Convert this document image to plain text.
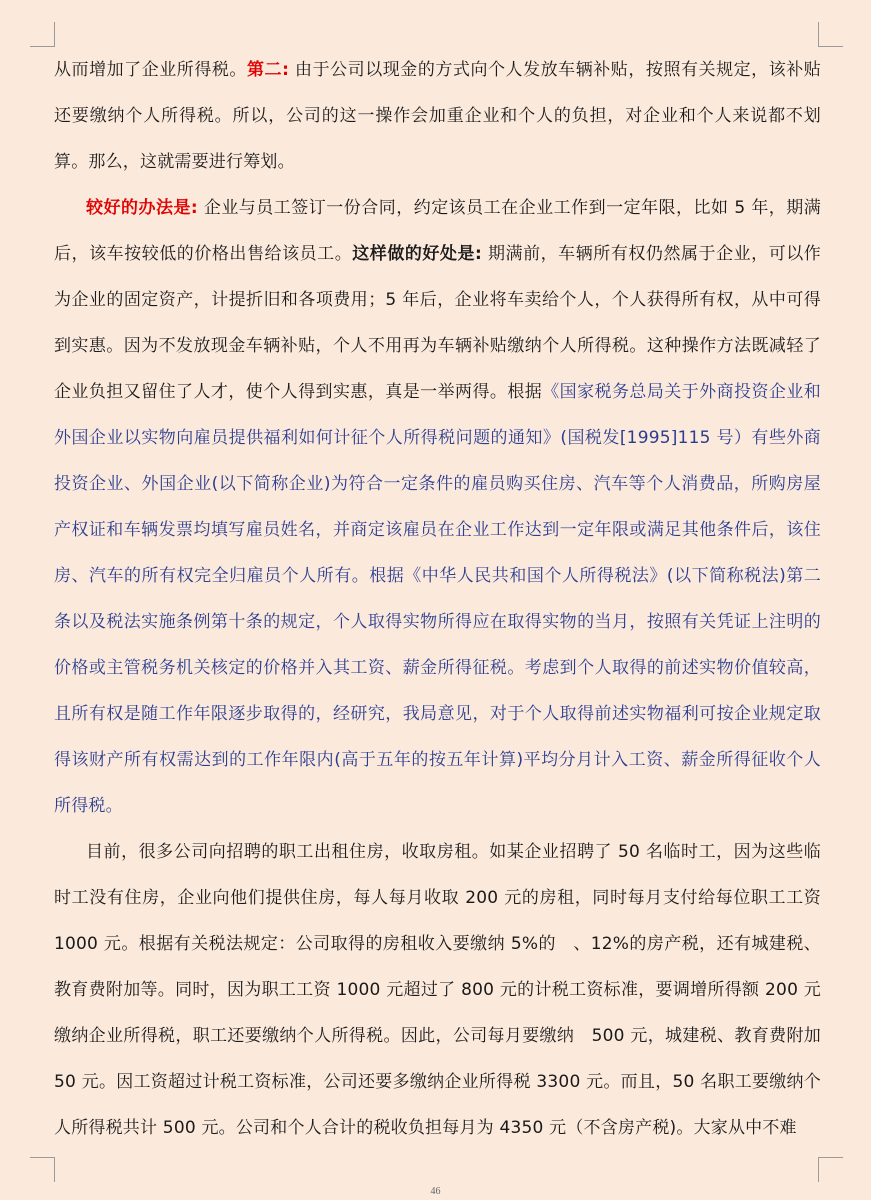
从而增加了企业所得税。第二: 由于公司以现金的方式向个人发放车辆补贴，按照有关规定，该补贴还要缴纳个人所得税。所以，公司的这一操作会加重企业和个人的负担，对企业和个人来说都不划算。那么，这就需要进行筹划。

较好的办法是: 企业与员工签订一份合同，约定该员工在企业工作到一定年限，比如 5 年，期满后，该车按较低的价格出售给该员工。这样做的好处是: 期满前，车辆所有权仍然属于企业，可以作为企业的固定资产，计提折旧和各项费用；5 年后，企业将车卖给个人，个人获得所有权，从中可得到实惠。因为不发放现金车辆补贴，个人不用再为车辆补贴缴纳个人所得税。这种操作方法既减轻了企业负担又留住了人才，使个人得到实惠，真是一举两得。根据《国家税务总局关于外商投资企业和外国企业以实物向雇员提供福利如何计征个人所得税问题的通知》(国税发[1995]115 号）有些外商投资企业、外国企业(以下简称企业)为符合一定条件的雇员购买住房、汽车等个人消费品，所购房屋产权证和车辆发票均填写雇员姓名，并商定该雇员在企业工作达到一定年限或满足其他条件后，该住房、汽车的所有权完全归雇员个人所有。根据《中华人民共和国个人所得税法》(以下简称税法)第二条以及税法实施条例第十条的规定，个人取得实物所得应在取得实物的当月，按照有关凭证上注明的价格或主管税务机关核定的价格并入其工资、薪金所得征税。考虑到个人取得的前述实物价值较高，且所有权是随工作年限逐步取得的，经研究，我局意见，对于个人取得前述实物福利可按企业规定取得该财产所有权需达到的工作年限内(高于五年的按五年计算)平均分月计入工资、薪金所得征收个人所得税。

目前，很多公司向招聘的职工出租住房，收取房租。如某企业招聘了 50 名临时工，因为这些临时工没有住房，企业向他们提供住房，每人每月收取 200 元的房租，同时每月支付给每位职工工资 1000 元。根据有关税法规定：公司取得的房租收入要缴纳 5%的　、12%的房产税，还有城建税、教育费附加等。同时，因为职工工资 1000 元超过了 800 元的计税工资标准，要调增所得额 200 元缴纳企业所得税，职工还要缴纳个人所得税。因此，公司每月要缴纳　500 元，城建税、教育费附加 50 元。因工资超过计税工资标准，公司还要多缴纳企业所得税 3300 元。而且，50 名职工要缴纳个人所得税共计 500 元。公司和个人合计的税收负担每月为 4350 元（不含房产税)。大家从中不难

46
